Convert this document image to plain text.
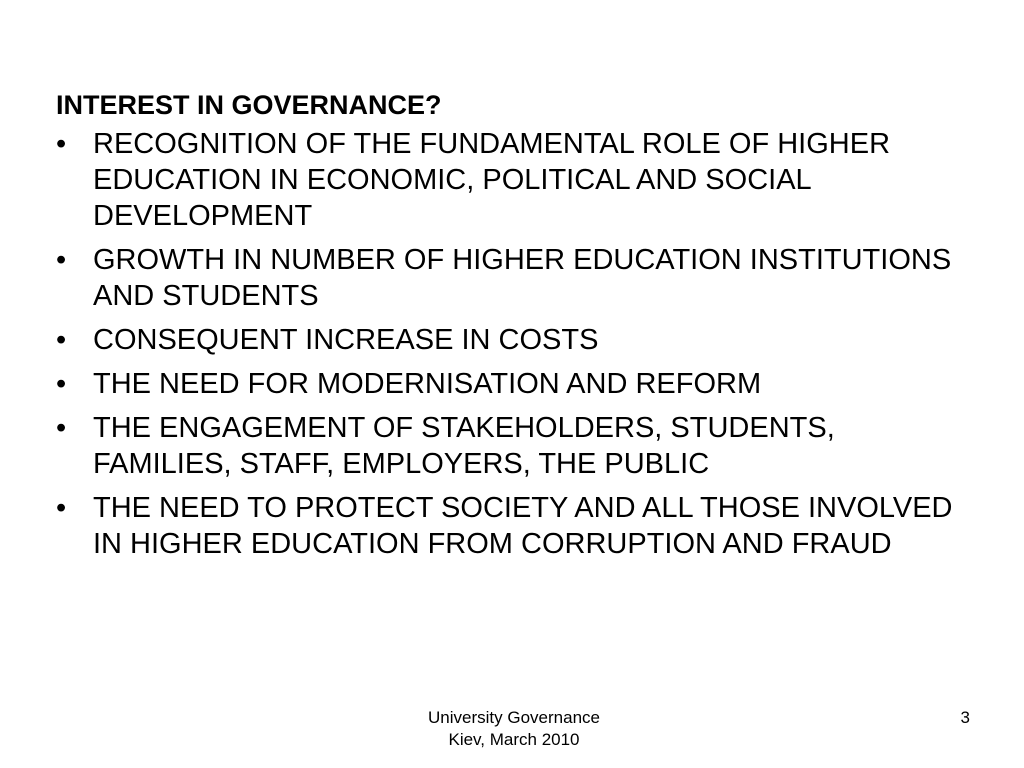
INTEREST IN GOVERNANCE?
• RECOGNITION OF THE FUNDAMENTAL ROLE OF HIGHER EDUCATION IN ECONOMIC, POLITICAL AND SOCIAL DEVELOPMENT
• GROWTH IN NUMBER OF HIGHER EDUCATION INSTITUTIONS AND STUDENTS
• CONSEQUENT INCREASE IN COSTS
• THE NEED FOR MODERNISATION AND REFORM
• THE ENGAGEMENT OF STAKEHOLDERS, STUDENTS, FAMILIES, STAFF, EMPLOYERS, THE PUBLIC
• THE NEED TO PROTECT SOCIETY AND ALL THOSE INVOLVED IN HIGHER EDUCATION FROM CORRUPTION AND FRAUD
University Governance
Kiev, March 2010
3
